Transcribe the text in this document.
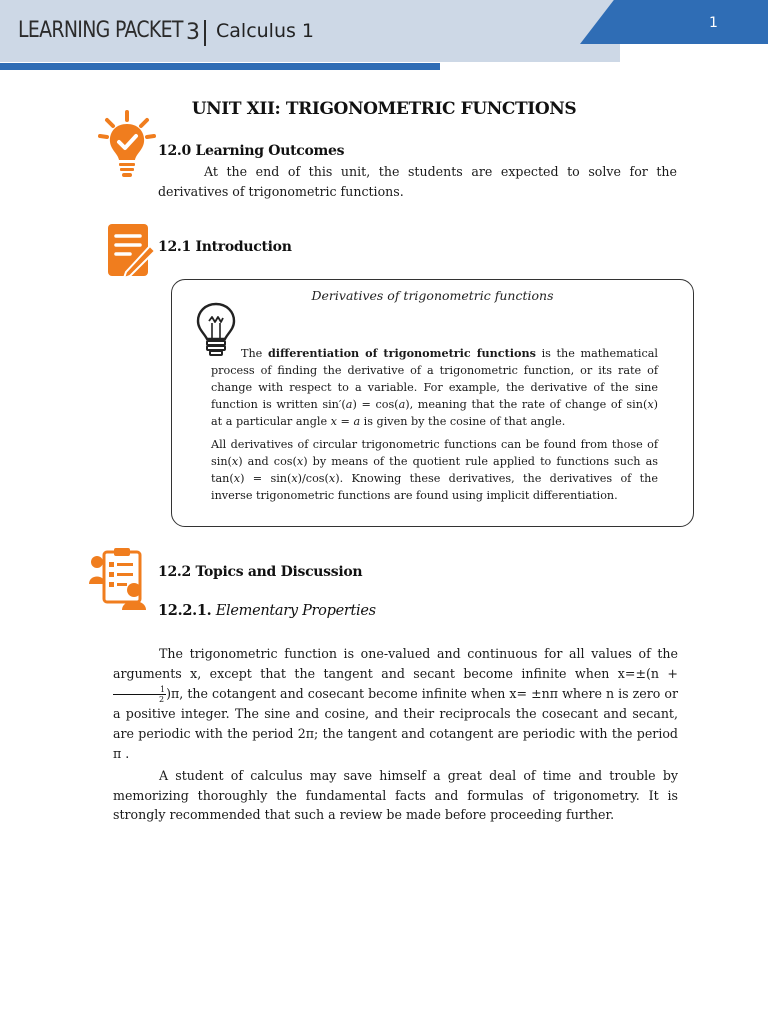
LEARNING PACKET 3 Calculus 1	1
UNIT XII: TRIGONOMETRIC FUNCTIONS
12.0 Learning Outcomes
At the end of this unit, the students are expected to solve for the derivatives of trigonometric functions.
12.1 Introduction
Derivatives of trigonometric functions
The differentiation of trigonometric functions is the mathematical process of finding the derivative of a trigonometric function, or its rate of change with respect to a variable. For example, the derivative of the sine function is written sin′(a) = cos(a), meaning that the rate of change of sin(x) at a particular angle x = a is given by the cosine of that angle.
All derivatives of circular trigonometric functions can be found from those of sin(x) and cos(x) by means of the quotient rule applied to functions such as tan(x) = sin(x)/cos(x). Knowing these derivatives, the derivatives of the inverse trigonometric functions are found using implicit differentiation.
12.2 Topics and Discussion
12.2.1. Elementary Properties
The trigonometric function is one-valued and continuous for all values of the arguments x, except that the tangent and secant become infinite when x=±(n +
$\frac{1}{2} )\pi$, the cotangent and cosecant become infinite when x= ±nπ where n is zero or a positive integer. The sine and cosine, and their reciprocals the cosecant and secant, are periodic with the period 2π; the tangent and cotangent are periodic with the period π .
A student of calculus may save himself a great deal of time and trouble by memorizing thoroughly the fundamental facts and formulas of trigonometry. It is strongly recommended that such a review be made before proceeding further.
